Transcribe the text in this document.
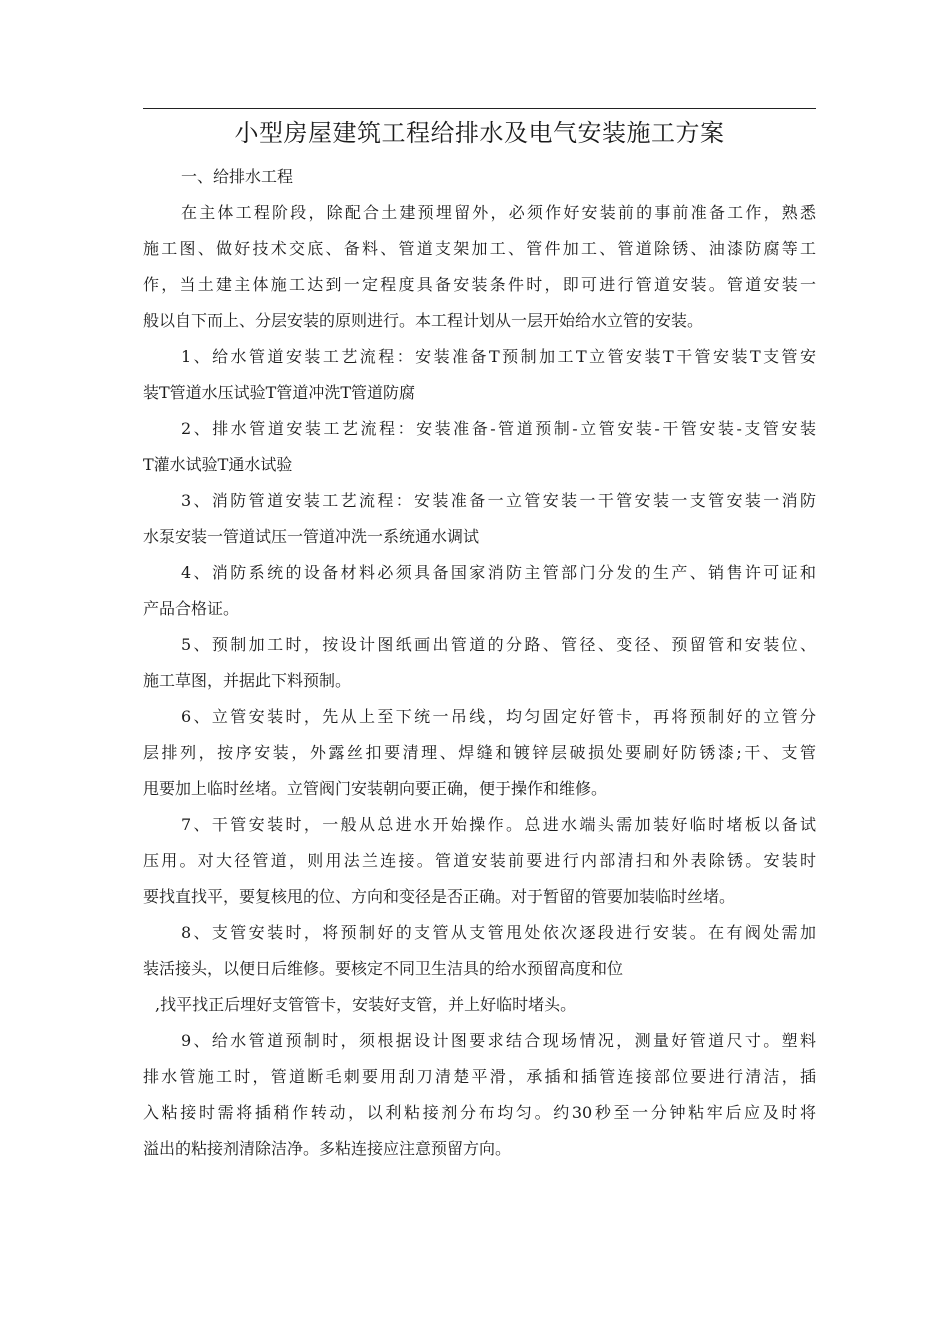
小型房屋建筑工程给排水及电气安装施工方案
一、给排水工程
在主体工程阶段，除配合土建预埋留外，必须作好安装前的事前准备工作，熟悉
施工图、做好技术交底、备料、管道支架加工、管件加工、管道除锈、油漆防腐等工
作，当土建主体施工达到一定程度具备安装条件时，即可进行管道安装。管道安装一
般以自下而上、分层安装的原则进行。本工程计划从一层开始给水立管的安装。
1、给水管道安装工艺流程：安装准备T预制加工T立管安装T干管安装T支管安
装T管道水压试验T管道冲洗T管道防腐
2、排水管道安装工艺流程：安装准备-管道预制-立管安装-干管安装-支管安装
T灌水试验T通水试验
3、消防管道安装工艺流程：安装准备一立管安装一干管安装一支管安装一消防
水泵安装一管道试压一管道冲洗一系统通水调试
4、消防系统的设备材料必须具备国家消防主管部门分发的生产、销售许可证和
产品合格证。
5、预制加工时，按设计图纸画出管道的分路、管径、变径、预留管和安装位、
施工草图，并据此下料预制。
6、立管安装时，先从上至下统一吊线，均匀固定好管卡，再将预制好的立管分
层排列，按序安装，外露丝扣要清理、焊缝和镀锌层破损处要刷好防锈漆;干、支管
甩要加上临时丝堵。立管阀门安装朝向要正确，便于操作和维修。
7、干管安装时，一般从总进水开始操作。总进水端头需加装好临时堵板以备试
压用。对大径管道，则用法兰连接。管道安装前要进行内部清扫和外表除锈。安装时
要找直找平，要复核甩的位、方向和变径是否正确。对于暂留的管要加装临时丝堵。
8、支管安装时，将预制好的支管从支管甩处依次逐段进行安装。在有阀处需加
装活接头，以便日后维修。要核定不同卫生洁具的给水预留高度和位
,找平找正后埋好支管管卡，安装好支管，并上好临时堵头。
9、给水管道预制时，须根据设计图要求结合现场情况，测量好管道尺寸。塑料
排水管施工时，管道断毛刺要用刮刀清楚平滑，承插和插管连接部位要进行清洁，插
入粘接时需将插稍作转动，以利粘接剂分布均匀。约30秒至一分钟粘牢后应及时将
溢出的粘接剂清除洁净。多粘连接应注意预留方向。
